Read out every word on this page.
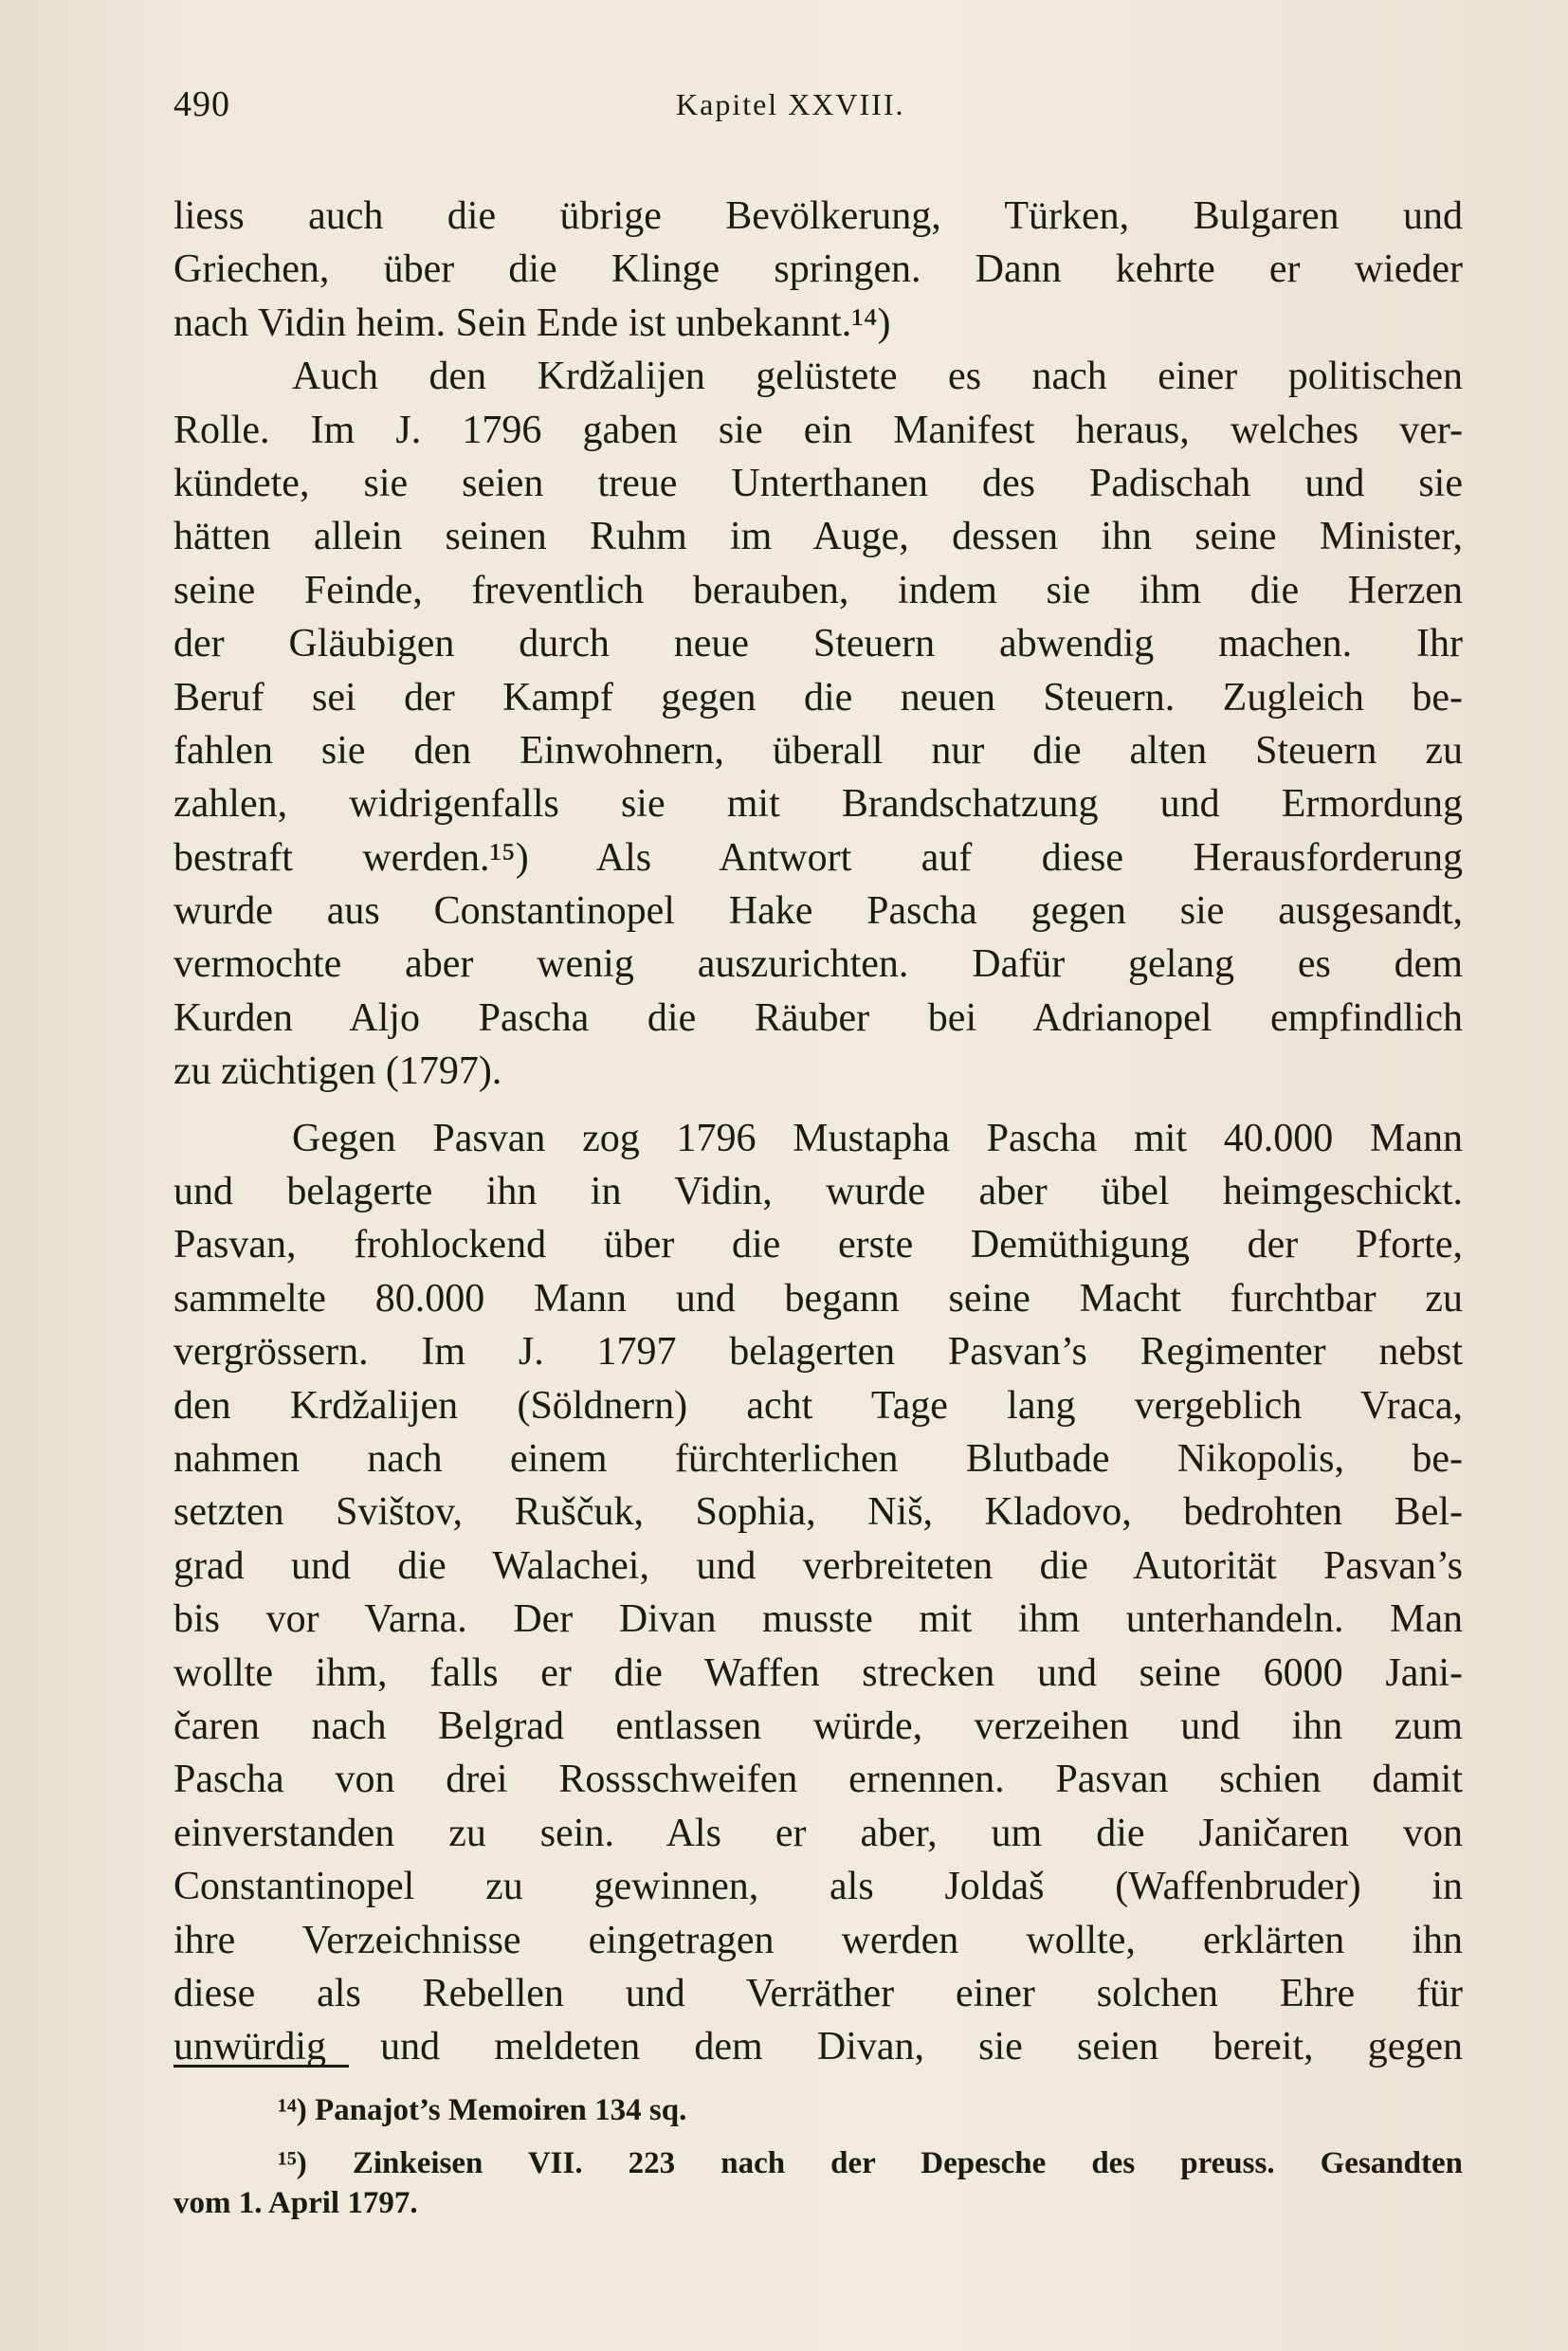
490	Kapitel XXVIII.
liess auch die übrige Bevölkerung, Türken, Bulgaren und
Griechen, über die Klinge springen. Dann kehrte er wieder
nach Vidin heim. Sein Ende ist unbekannt.¹⁴)
Auch den Krdžalijen gelüstete es nach einer politischen
Rolle. Im J. 1796 gaben sie ein Manifest heraus, welches ver-
kündete, sie seien treue Unterthanen des Padischah und sie
hätten allein seinen Ruhm im Auge, dessen ihn seine Minister,
seine Feinde, freventlich berauben, indem sie ihm die Herzen
der Gläubigen durch neue Steuern abwendig machen. Ihr
Beruf sei der Kampf gegen die neuen Steuern. Zugleich be-
fahlen sie den Einwohnern, überall nur die alten Steuern zu
zahlen, widrigenfalls sie mit Brandschatzung und Ermordung
bestraft werden.¹⁵) Als Antwort auf diese Herausforderung
wurde aus Constantinopel Hake Pascha gegen sie ausgesandt,
vermochte aber wenig auszurichten. Dafür gelang es dem
Kurden Aljo Pascha die Räuber bei Adrianopel empfindlich
zu züchtigen (1797).
Gegen Pasvan zog 1796 Mustapha Pascha mit 40.000 Mann
und belagerte ihn in Vidin, wurde aber übel heimgeschickt.
Pasvan, frohlockend über die erste Demüthigung der Pforte,
sammelte 80.000 Mann und begann seine Macht furchtbar zu
vergrössern. Im J. 1797 belagerten Pasvan’s Regimenter nebst
den Krdžalijen (Söldnern) acht Tage lang vergeblich Vraca,
nahmen nach einem fürchterlichen Blutbade Nikopolis, be-
setzten Svištov, Ruščuk, Sophia, Niš, Kladovo, bedrohten Bel-
grad und die Walachei, und verbreiteten die Autorität Pasvan’s
bis vor Varna. Der Divan musste mit ihm unterhandeln. Man
wollte ihm, falls er die Waffen strecken und seine 6000 Jani-
čaren nach Belgrad entlassen würde, verzeihen und ihn zum
Pascha von drei Rossschweifen ernennen. Pasvan schien damit
einverstanden zu sein. Als er aber, um die Janičaren von
Constantinopel zu gewinnen, als Joldaš (Waffenbruder) in
ihre Verzeichnisse eingetragen werden wollte, erklärten ihn
diese als Rebellen und Verräther einer solchen Ehre für
unwürdig und meldeten dem Divan, sie seien bereit, gegen
¹⁴) Panajot’s Memoiren 134 sq.
¹⁵) Zinkeisen VII. 223 nach der Depesche des preuss. Gesandten
vom 1. April 1797.
